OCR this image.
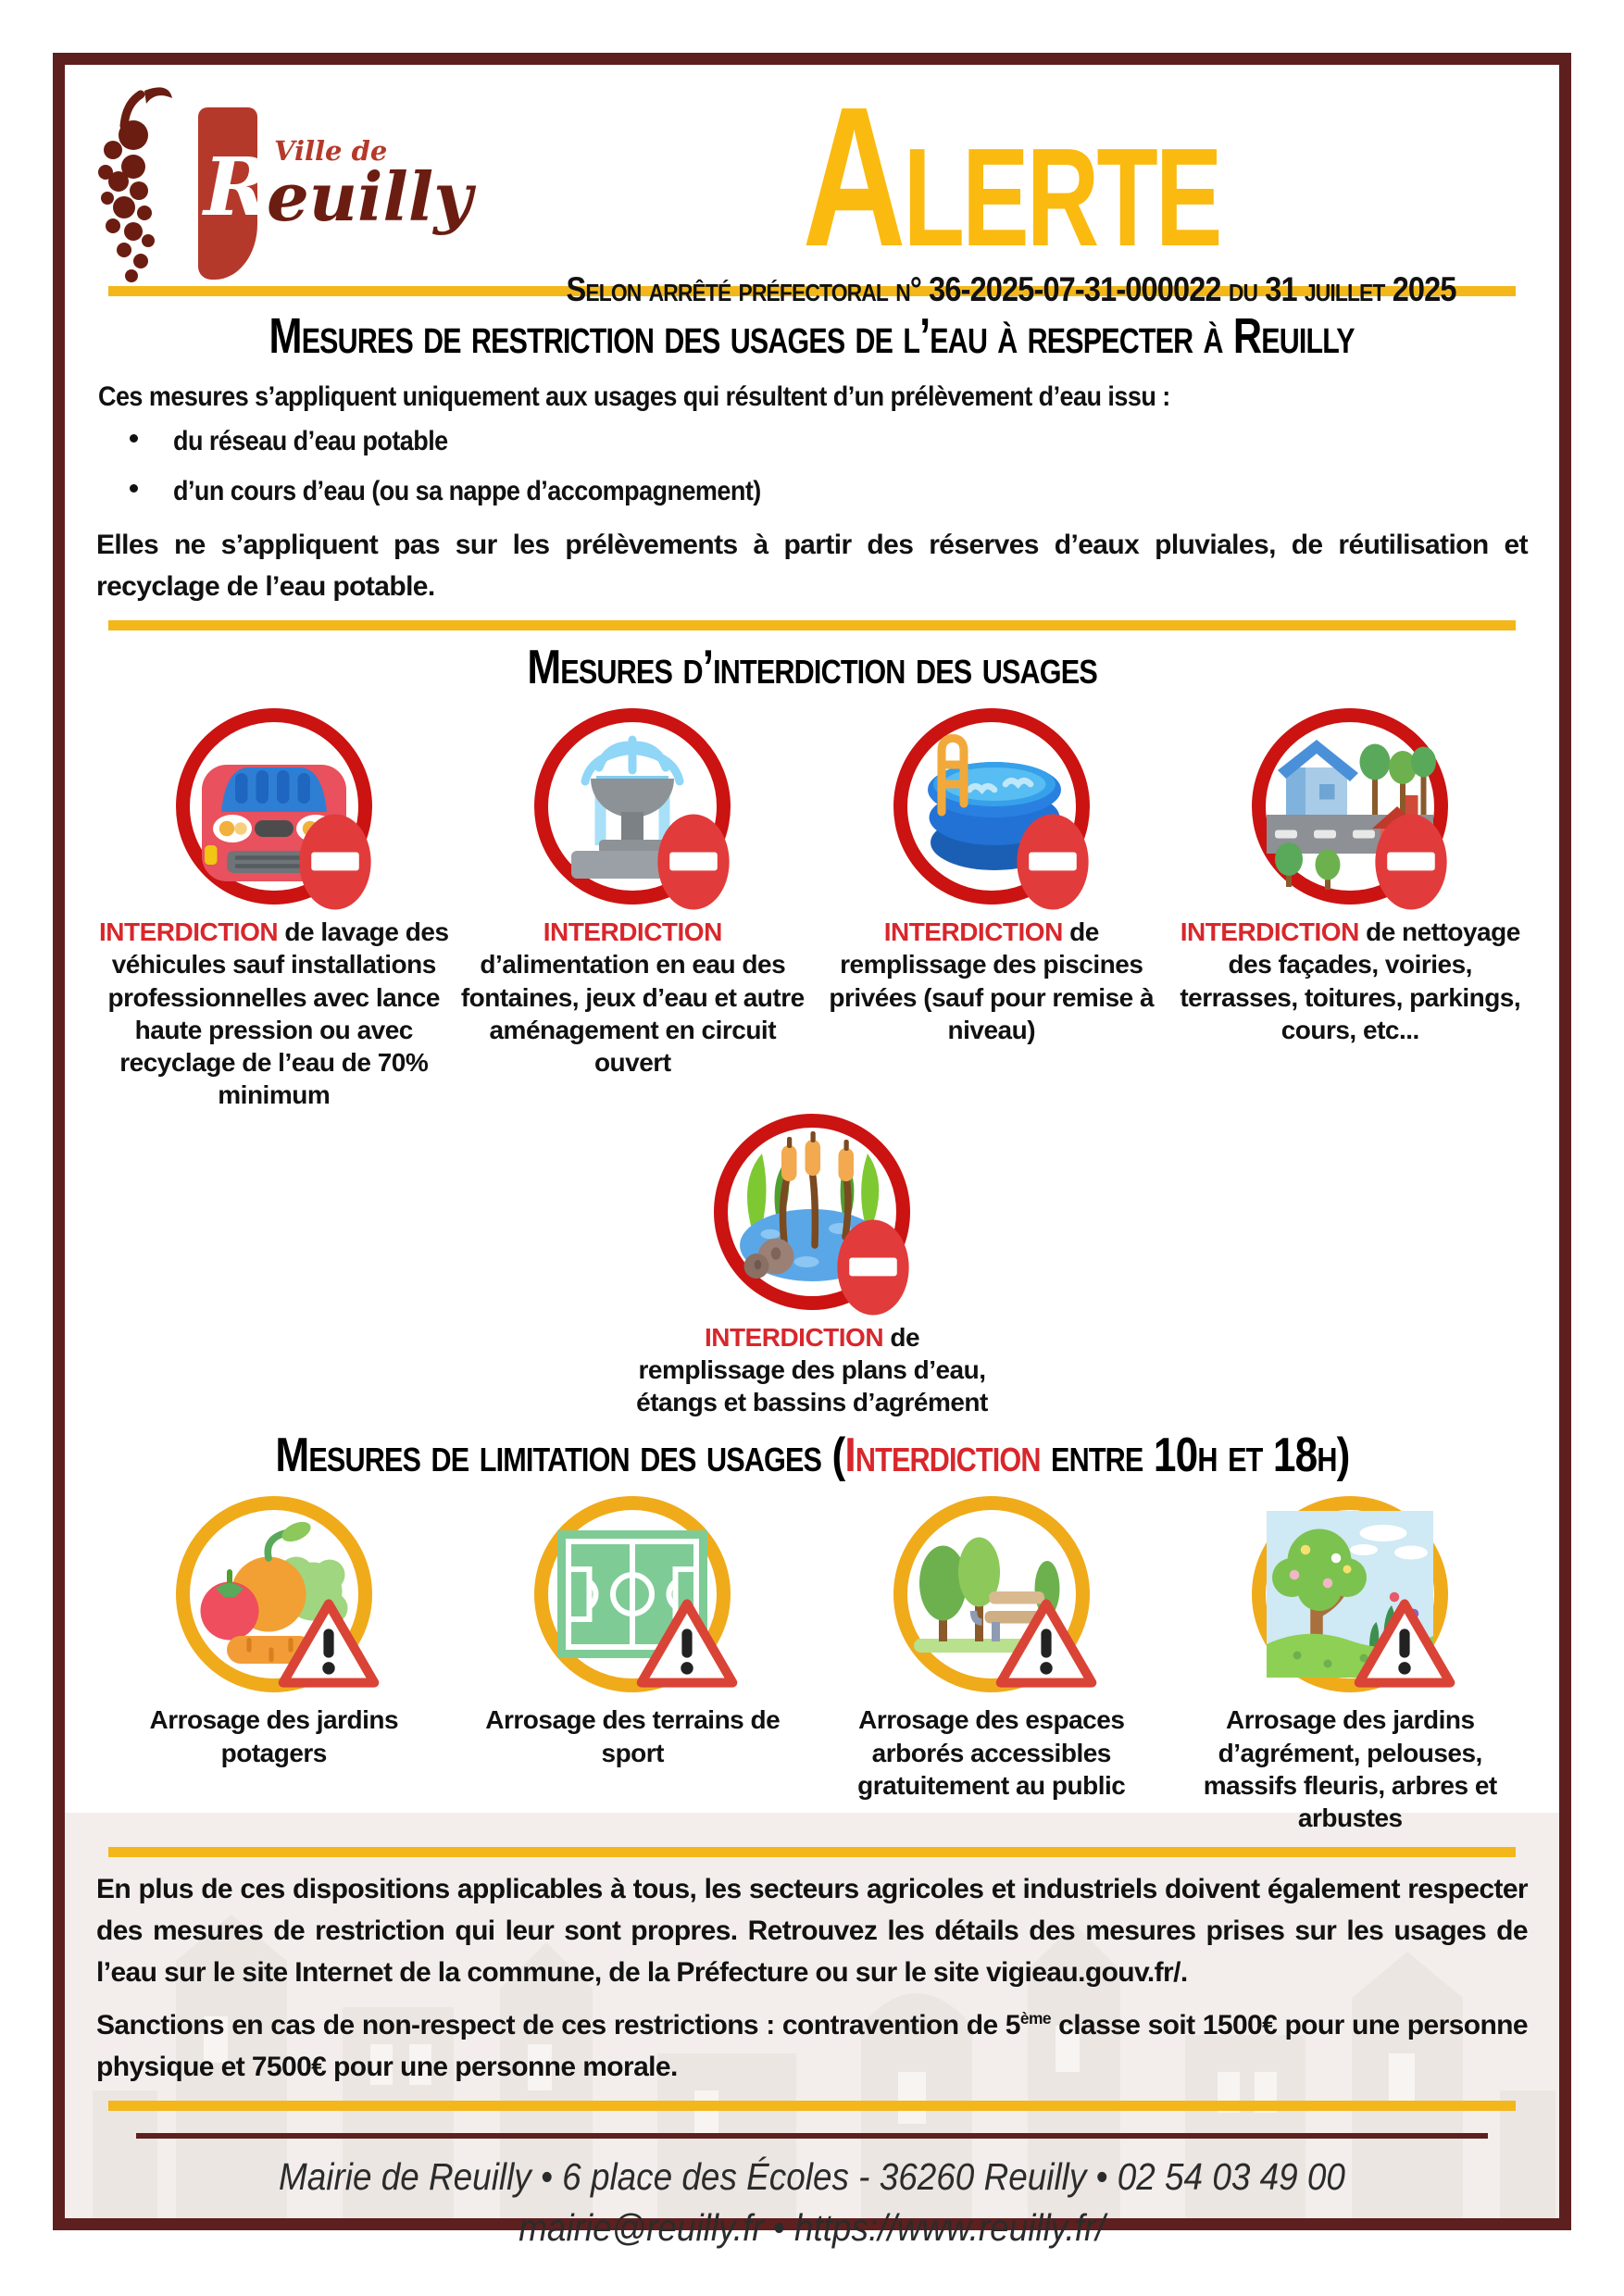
R Ville de
euilly	Alerte
Selon arrêté préfectoral n° 36-2025-07-31-000022 du 31 juillet 2025
Mesures de restriction des usages de l’eau à respecter à Reuilly

Ces mesures s’appliquent uniquement aux usages qui résultent d’un prélèvement d’eau issu :

du réseau d’eau potable
d’un cours d’eau (ou sa nappe d’accompagnement)

Elles ne s’appliquent pas sur les prélèvements à partir des réserves d’eaux pluviales, de réutilisation et recyclage de l’eau potable.

Mesures d’interdiction des usages
INTERDICTION de lavage des véhicules sauf installations professionnelles avec lance haute pression ou avec recyclage de l’eau de 70% minimum
INTERDICTION d’alimentation en eau des fontaines, jeux d’eau et autre aménagement en circuit ouvert
INTERDICTION de remplissage des piscines privées (sauf pour remise à niveau)
INTERDICTION de nettoyage des façades, voiries, terrasses, toitures, parkings, cours, etc...
INTERDICTION de remplissage des plans d’eau, étangs et bassins d’agrément
Mesures de limitation des usages (Interdiction entre 10h et 18h)
Arrosage des jardins potagers
Arrosage des terrains de sport
Arrosage des espaces arborés accessibles gratuitement au public
Arrosage des jardins d’agrément, pelouses, massifs fleuris, arbres et arbustes

En plus de ces dispositions applicables à tous, les secteurs agricoles et industriels doivent également respecter des mesures de restriction qui leur sont propres. Retrouvez les détails des mesures prises sur les usages de l’eau sur le site Internet de la commune, de la Préfecture ou sur le site vigieau.gouv.fr/.

Sanctions en cas de non-respect de ces restrictions : contravention de 5ème classe soit 1500€ pour une personne physique et 7500€ pour une personne morale.

Mairie de Reuilly • 6 place des Écoles - 36260 Reuilly • 02 54 03 49 00
mairie@reuilly.fr • https://www.reuilly.fr/
